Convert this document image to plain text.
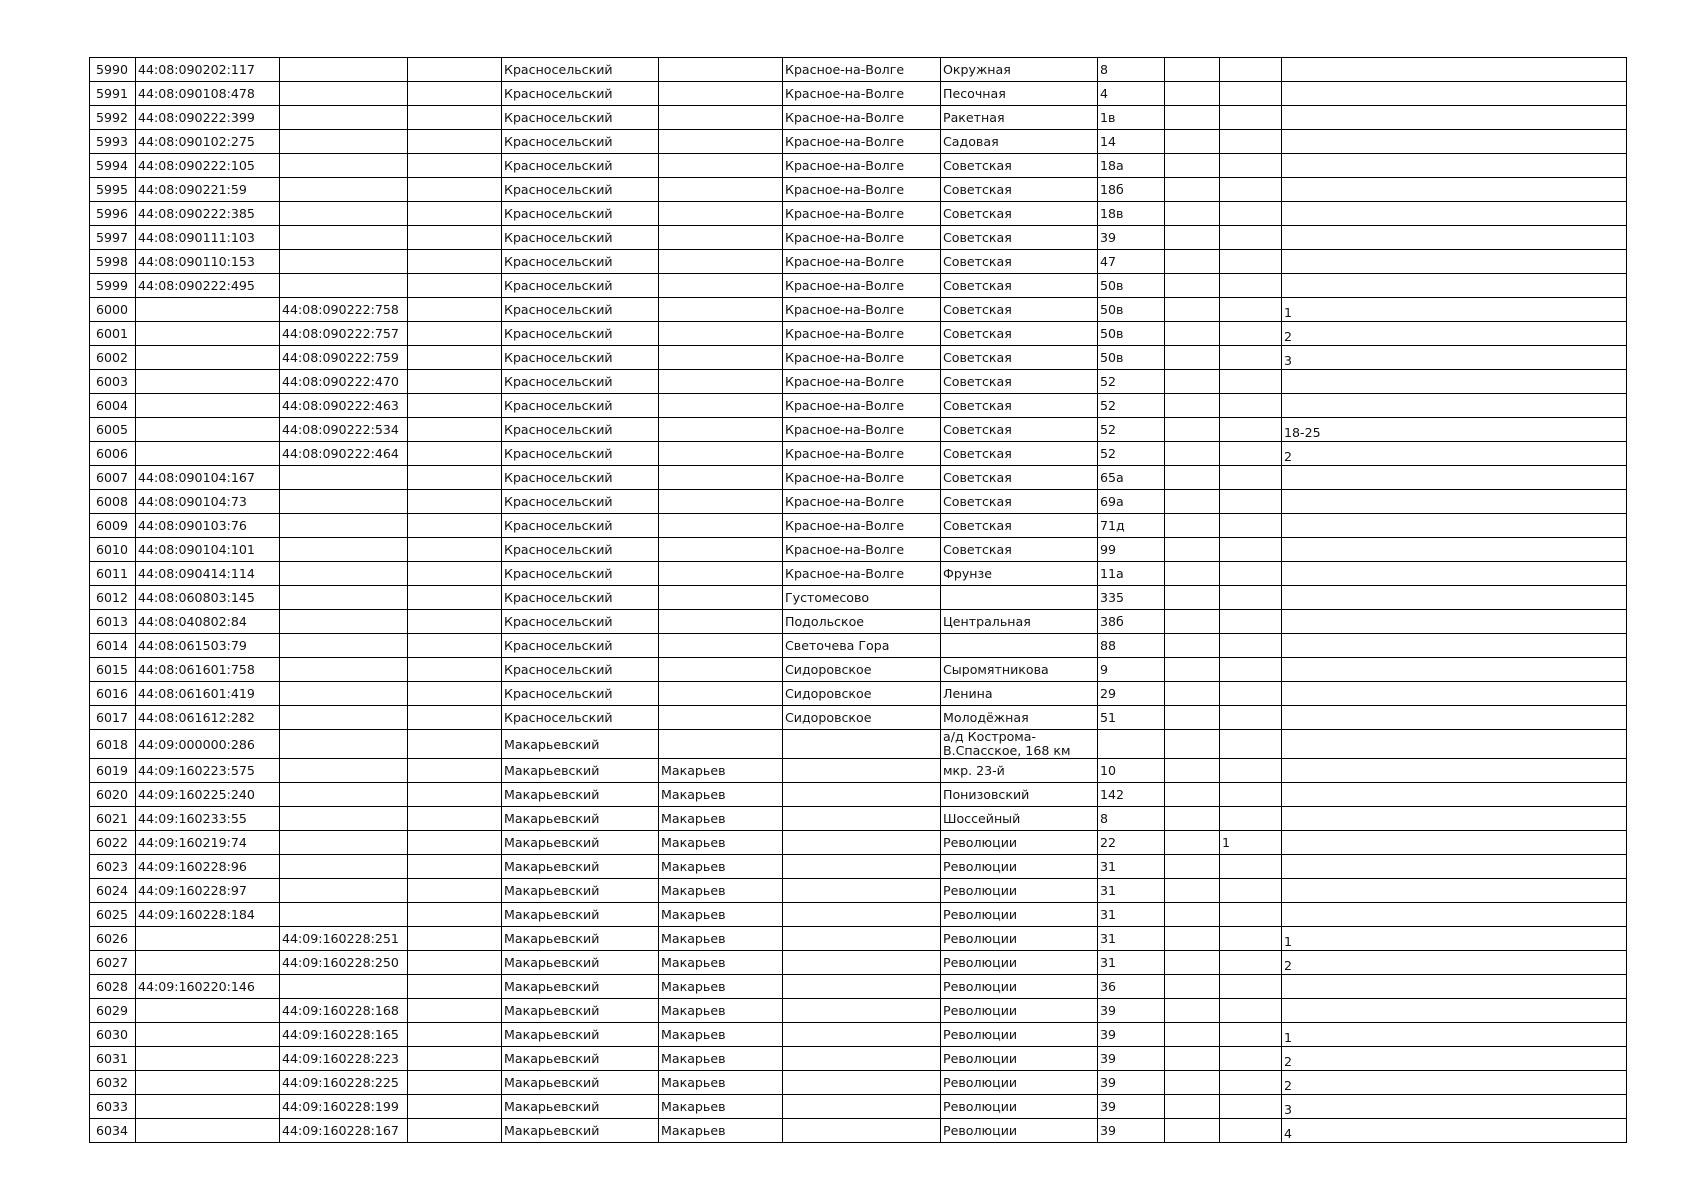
5990	44:08:090202:117			Красносельский		Красное-на-Волге	Окружная	8			
5991	44:08:090108:478			Красносельский		Красное-на-Волге	Песочная	4			
5992	44:08:090222:399			Красносельский		Красное-на-Волге	Ракетная	1в			
5993	44:08:090102:275			Красносельский		Красное-на-Волге	Садовая	14			
5994	44:08:090222:105			Красносельский		Красное-на-Волге	Советская	18а			
5995	44:08:090221:59			Красносельский		Красное-на-Волге	Советская	18б			
5996	44:08:090222:385			Красносельский		Красное-на-Волге	Советская	18в			
5997	44:08:090111:103			Красносельский		Красное-на-Волге	Советская	39			
5998	44:08:090110:153			Красносельский		Красное-на-Волге	Советская	47			
5999	44:08:090222:495			Красносельский		Красное-на-Волге	Советская	50в			
6000		44:08:090222:758		Красносельский		Красное-на-Волге	Советская	50в			1
6001		44:08:090222:757		Красносельский		Красное-на-Волге	Советская	50в			2
6002		44:08:090222:759		Красносельский		Красное-на-Волге	Советская	50в			3
6003		44:08:090222:470		Красносельский		Красное-на-Волге	Советская	52			
6004		44:08:090222:463		Красносельский		Красное-на-Волге	Советская	52			
6005		44:08:090222:534		Красносельский		Красное-на-Волге	Советская	52			18-25
6006		44:08:090222:464		Красносельский		Красное-на-Волге	Советская	52			2
6007	44:08:090104:167			Красносельский		Красное-на-Волге	Советская	65а			
6008	44:08:090104:73			Красносельский		Красное-на-Волге	Советская	69а			
6009	44:08:090103:76			Красносельский		Красное-на-Волге	Советская	71д			
6010	44:08:090104:101			Красносельский		Красное-на-Волге	Советская	99			
6011	44:08:090414:114			Красносельский		Красное-на-Волге	Фрунзе	11а			
6012	44:08:060803:145			Красносельский		Густомесово		335			
6013	44:08:040802:84			Красносельский		Подольское	Центральная	38б			
6014	44:08:061503:79			Красносельский		Светочева Гора		88			
6015	44:08:061601:758			Красносельский		Сидоровское	Сыромятникова	9			
6016	44:08:061601:419			Красносельский		Сидоровское	Ленина	29			
6017	44:08:061612:282			Красносельский		Сидоровское	Молодёжная	51			
6018	44:09:000000:286			Макарьевский			а/д Кострома-В.Спасское, 168 км				
6019	44:09:160223:575			Макарьевский	Макарьев		мкр. 23-й	10			
6020	44:09:160225:240			Макарьевский	Макарьев		Понизовский	142			
6021	44:09:160233:55			Макарьевский	Макарьев		Шоссейный	8			
6022	44:09:160219:74			Макарьевский	Макарьев		Революции	22		1	
6023	44:09:160228:96			Макарьевский	Макарьев		Революции	31			
6024	44:09:160228:97			Макарьевский	Макарьев		Революции	31			
6025	44:09:160228:184			Макарьевский	Макарьев		Революции	31			
6026		44:09:160228:251		Макарьевский	Макарьев		Революции	31			1
6027		44:09:160228:250		Макарьевский	Макарьев		Революции	31			2
6028	44:09:160220:146			Макарьевский	Макарьев		Революции	36			
6029		44:09:160228:168		Макарьевский	Макарьев		Революции	39			
6030		44:09:160228:165		Макарьевский	Макарьев		Революции	39			1
6031		44:09:160228:223		Макарьевский	Макарьев		Революции	39			2
6032		44:09:160228:225		Макарьевский	Макарьев		Революции	39			2
6033		44:09:160228:199		Макарьевский	Макарьев		Революции	39			3
6034		44:09:160228:167		Макарьевский	Макарьев		Революции	39			4
